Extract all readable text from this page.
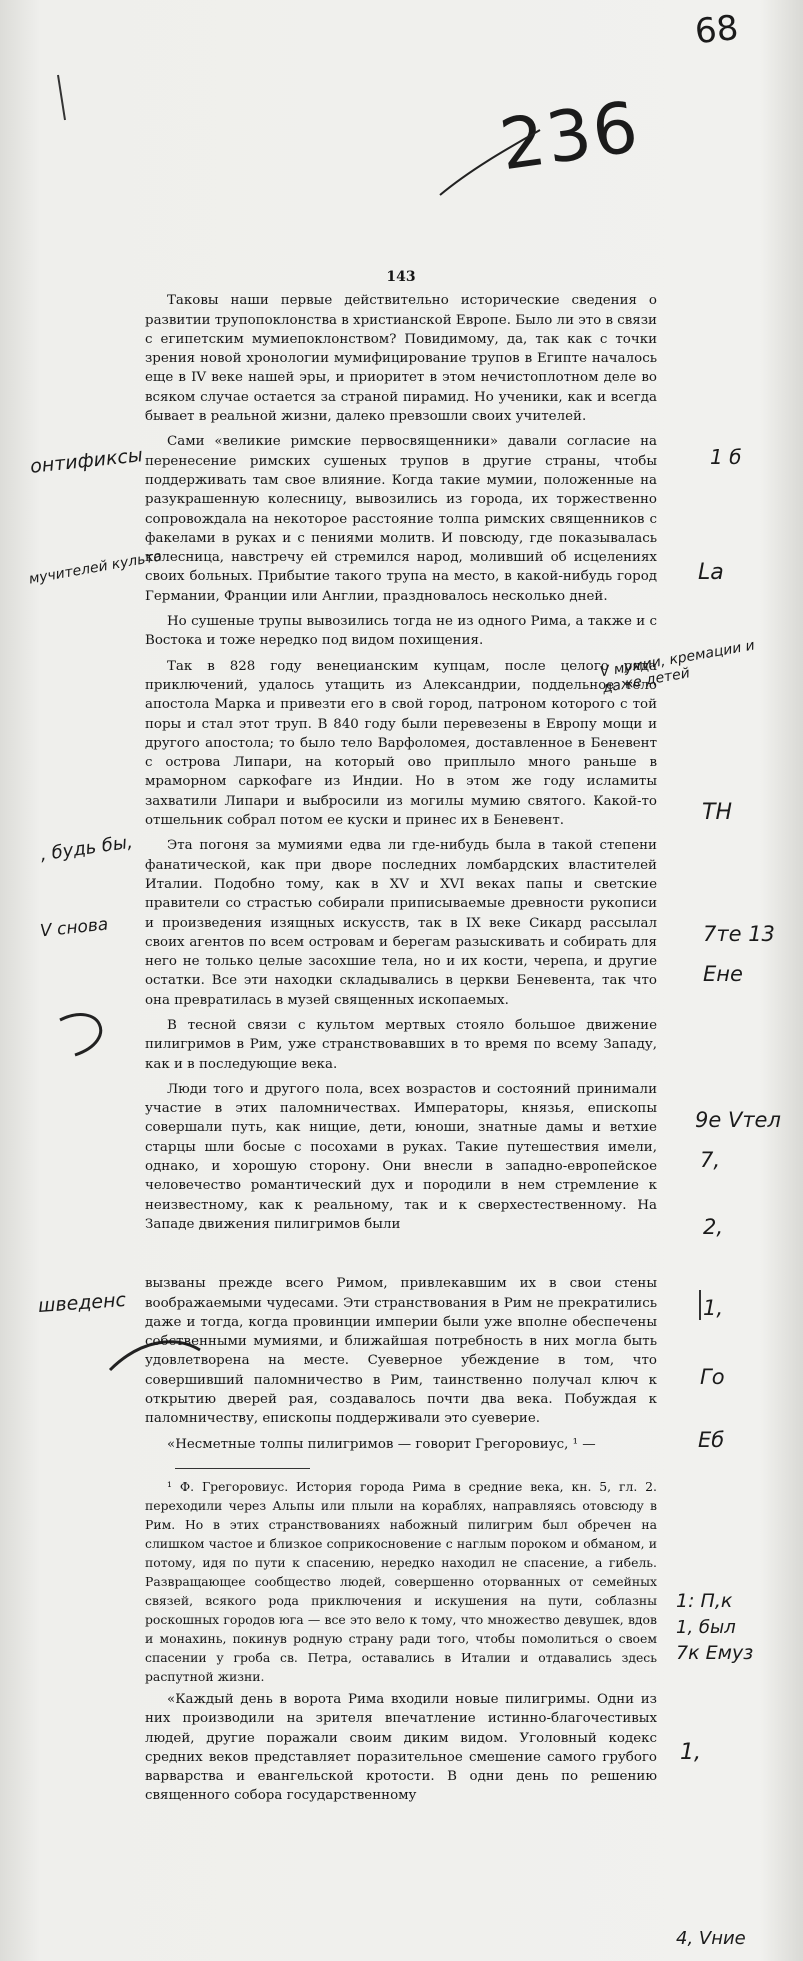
68
236
онтификсы
мучителей культа
, будь бы,
V снова
шведенс
1 б
La
V мумии, кремации и даже детей
TH
7те 13
Ене
9е Vтел
7,
2,
1,
Го
Еб
1: П,к
1, был
7к Емуз
1,
4, Vние
143

Таковы наши первые действительно исторические сведения о развитии трупопоклонства в христианской Европе. Было ли это в связи с египетским мумиепоклонством? Повидимому, да, так как с точки зрения новой хронологии мумифицирование трупов в Египте началось еще в IV веке нашей эры, и приоритет в этом нечистоплотном деле во всяком случае остается за страной пирамид. Но ученики, как и всегда бывает в реальной жизни, далеко превзошли своих учителей.

Сами «великие римские первосвященники» давали согласие на перенесение римских сушеных трупов в другие страны, чтобы поддерживать там свое влияние. Когда такие мумии, положенные на разукрашенную колесницу, вывозились из города, их торжественно сопровождала на некоторое расстояние толпа римских священников с факелами в руках и с пениями молитв. И повсюду, где показывалась колесница, навстречу ей стремился народ, моливший об исцелениях своих больных. Прибытие такого трупа на место, в какой-нибудь город Германии, Франции или Англии, праздновалось несколько дней.

Но сушеные трупы вывозились тогда не из одного Рима, а также и с Востока и тоже нередко под видом похищения.

Так в 828 году венецианским купцам, после целого ряда приключений, удалось утащить из Александрии, поддельное тело апостола Марка и привезти его в свой город, патроном которого с той поры и стал этот труп. В 840 году были перевезены в Европу мощи и другого апостола; то было тело Варфоломея, доставленное в Беневент с острова Липари, на который ово приплыло много раньше в мраморном саркофаге из Индии. Но в этом же году исламиты захватили Липари и выбросили из могилы мумию святого. Какой-то отшельник собрал потом ее куски и принес их в Беневент.

Эта погоня за мумиями едва ли где-нибудь была в такой степени фанатической, как при дворе последних ломбардских властителей Италии. Подобно тому, как в XV и XVI веках папы и светские правители со страстью собирали приписываемые древности рукописи и произведения изящных искусств, так в IX веке Сикард рассылал своих агентов по всем островам и берегам разыскивать и собирать для него не только целые засохшие тела, но и их кости, черепа, и другие остатки. Все эти находки складывались в церкви Беневента, так что она превратилась в музей священных ископаемых.

В тесной связи с культом мертвых стояло большое движение пилигримов в Рим, уже странствовавших в то время по всему Западу, как и в последующие века.

Люди того и другого пола, всех возрастов и состояний принимали участие в этих паломничествах. Императоры, князья, епископы совершали путь, как нищие, дети, юноши, знатные дамы и ветхие старцы шли босые с посохами в руках. Такие путешествия имели, однако, и хорошую сторону. Они внесли в западно-европейское человечество романтический дух и породили в нем стремление к неизвестному, как к реальному, так и к сверхестественному. На Западе движения пилигримов были

вызваны прежде всего Римом, привлекавшим их в свои стены воображаемыми чудесами. Эти странствования в Рим не прекратились даже и тогда, когда провинции империи были уже вполне обеспечены собственными мумиями, и ближайшая потребность в них могла быть удовлетворена на месте. Суеверное убеждение в том, что совершивший паломничество в Рим, таинственно получал ключ к открытию дверей рая, создавалось почти два века. Побуждая к паломничеству, епископы поддерживали это суеверие.

«Несметные толпы пилигримов — говорит Грегоровиус, ¹ —

¹ Ф. Грегоровиус. История города Рима в средние века, кн. 5, гл. 2. переходили через Альпы или плыли на кораблях, направляясь отовсюду в Рим. Но в этих странствованиях набожный пилигрим был обречен на слишком частое и близкое соприкосновение с наглым пороком и обманом, и потому, идя по пути к спасению, нередко находил не спасение, а гибель. Развращающее сообщество людей, совершенно оторванных от семейных связей, всякого рода приключения и искушения на пути, соблазны роскошных городов юга — все это вело к тому, что множество девушек, вдов и монахинь, покинув родную страну ради того, чтобы помолиться о своем спасении у гроба св. Петра, оставались в Италии и отдавались здесь распутной жизни.

«Каждый день в ворота Рима входили новые пилигримы. Одни из них производили на зрителя впечатление истинно-благочестивых людей, другие поражали своим диким видом. Уголовный кодекс средних веков представляет поразительное смешение самого грубого варварства и евангельской кротости. В одни день по решению священного собора государственному
